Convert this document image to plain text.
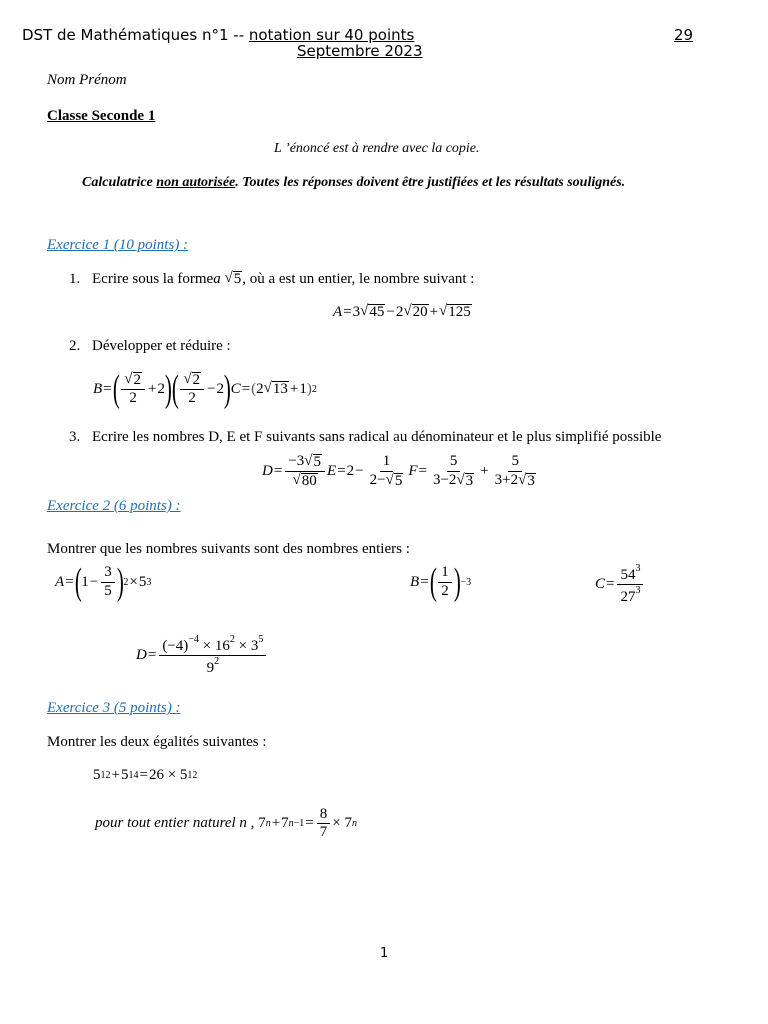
DST de Mathématiques n°1 -- notation sur 40 points	29
Septembre 2023
Nom Prénom
Classe Seconde 1
L ’énoncé est à rendre avec la copie.
Calculatrice non autorisée. Toutes les réponses doivent être justifiées et les résultats soulignés.
Exercice 1 (10 points) :
1. Ecrire sous la forme a
√ 5 , où a est un entier, le nombre suivant :
A = 3 √ 45 − 2 √ 20 + √ 125
2. Développer et réduire :
B = ( $\frac{√ 2}{2} + 2$ ) ( $\frac{√ 2}{2} - 2$ ) C = ( 2 √ 13 + 1 ) 2
3. Ecrire les nombres D, E et F suivants sans radical au dénominateur et le plus simplifié possible
$D = \frac{-3 √ 5}{√ 80}$ $E = 2 - \frac{1}{2- √ 5}$ $F = \frac{5}{3-2 √ 3} + \frac{5}{3+2 √ 3}$
Exercice 2 (6 points) :
Montrer que les nombres suivants sont des nombres entiers :
A = ( $1 - \frac{3}{5}$ ) 2 × 5 3	B = ( $\frac{1}{2}$ ) −3	$C = \frac{54^3}{27^3}$
$D = \frac{(-4)^{-4} \times 16^2 \times 3^5}{9^2}$
Exercice 3 (5 points) :
Montrer les deux égalités suivantes :
5 12 + 5 14 = 26 × 5 12
pour tout entier naturel n , 7 n + 7 $n-1 = \frac{8}{7} \times 7$ n
1
